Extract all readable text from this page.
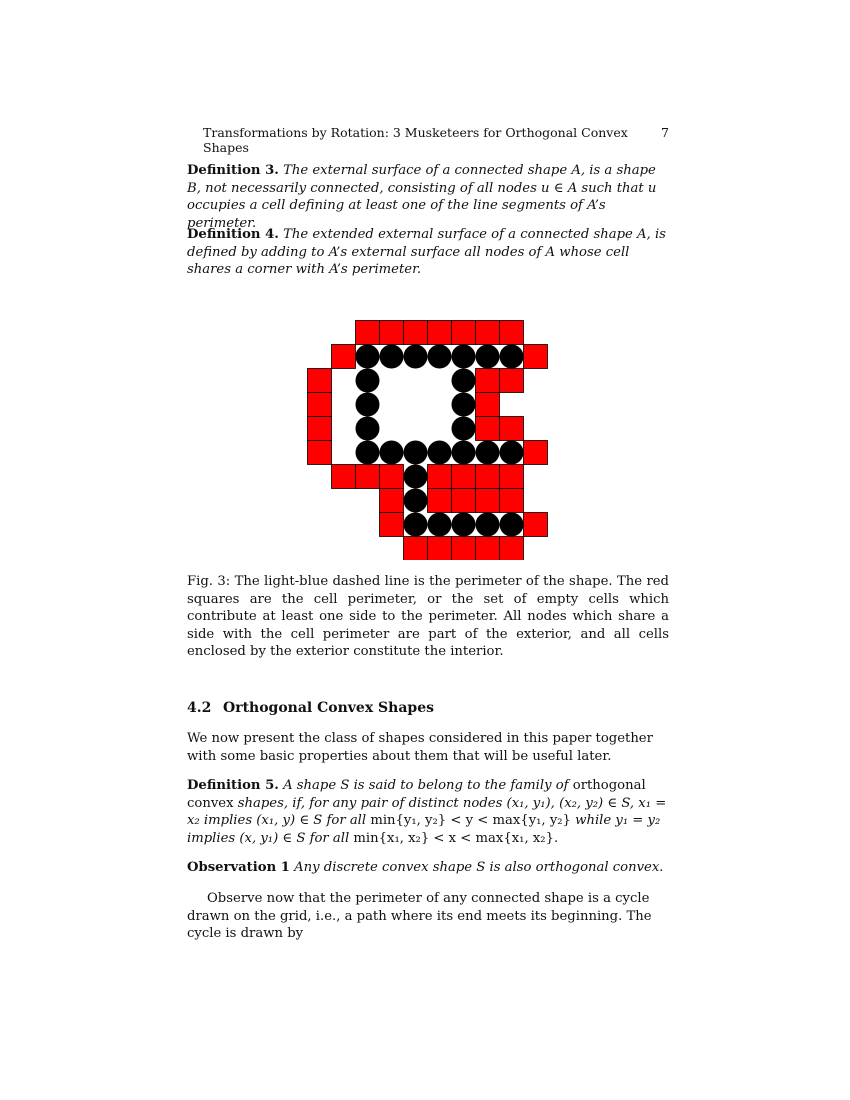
Transformations by Rotation: 3 Musketeers for Orthogonal Convex Shapes
7
Definition 3. The external surface of a connected shape A, is a shape B, not necessarily connected, consisting of all nodes u ∈ A such that u occupies a cell defining at least one of the line segments of A’s perimeter.
Definition 4. The extended external surface of a connected shape A, is defined by adding to A’s external surface all nodes of A whose cell shares a corner with A’s perimeter.
Fig. 3: The light-blue dashed line is the perimeter of the shape. The red squares are the cell perimeter, or the set of empty cells which contribute at least one side to the perimeter. All nodes which share a side with the cell perimeter are part of the exterior, and all cells enclosed by the exterior constitute the interior.
4.2 Orthogonal Convex Shapes
We now present the class of shapes considered in this paper together with some basic properties about them that will be useful later.
Definition 5. A shape S is said to belong to the family of orthogonal convex shapes, if, for any pair of distinct nodes (x₁, y₁), (x₂, y₂) ∈ S, x₁ = x₂ implies (x₁, y) ∈ S for all min{y₁, y₂} < y < max{y₁, y₂} while y₁ = y₂ implies (x, y₁) ∈ S for all min{x₁, x₂} < x < max{x₁, x₂}.
Observation 1 Any discrete convex shape S is also orthogonal convex.
Observe now that the perimeter of any connected shape is a cycle drawn on the grid, i.e., a path where its end meets its beginning. The cycle is drawn by
